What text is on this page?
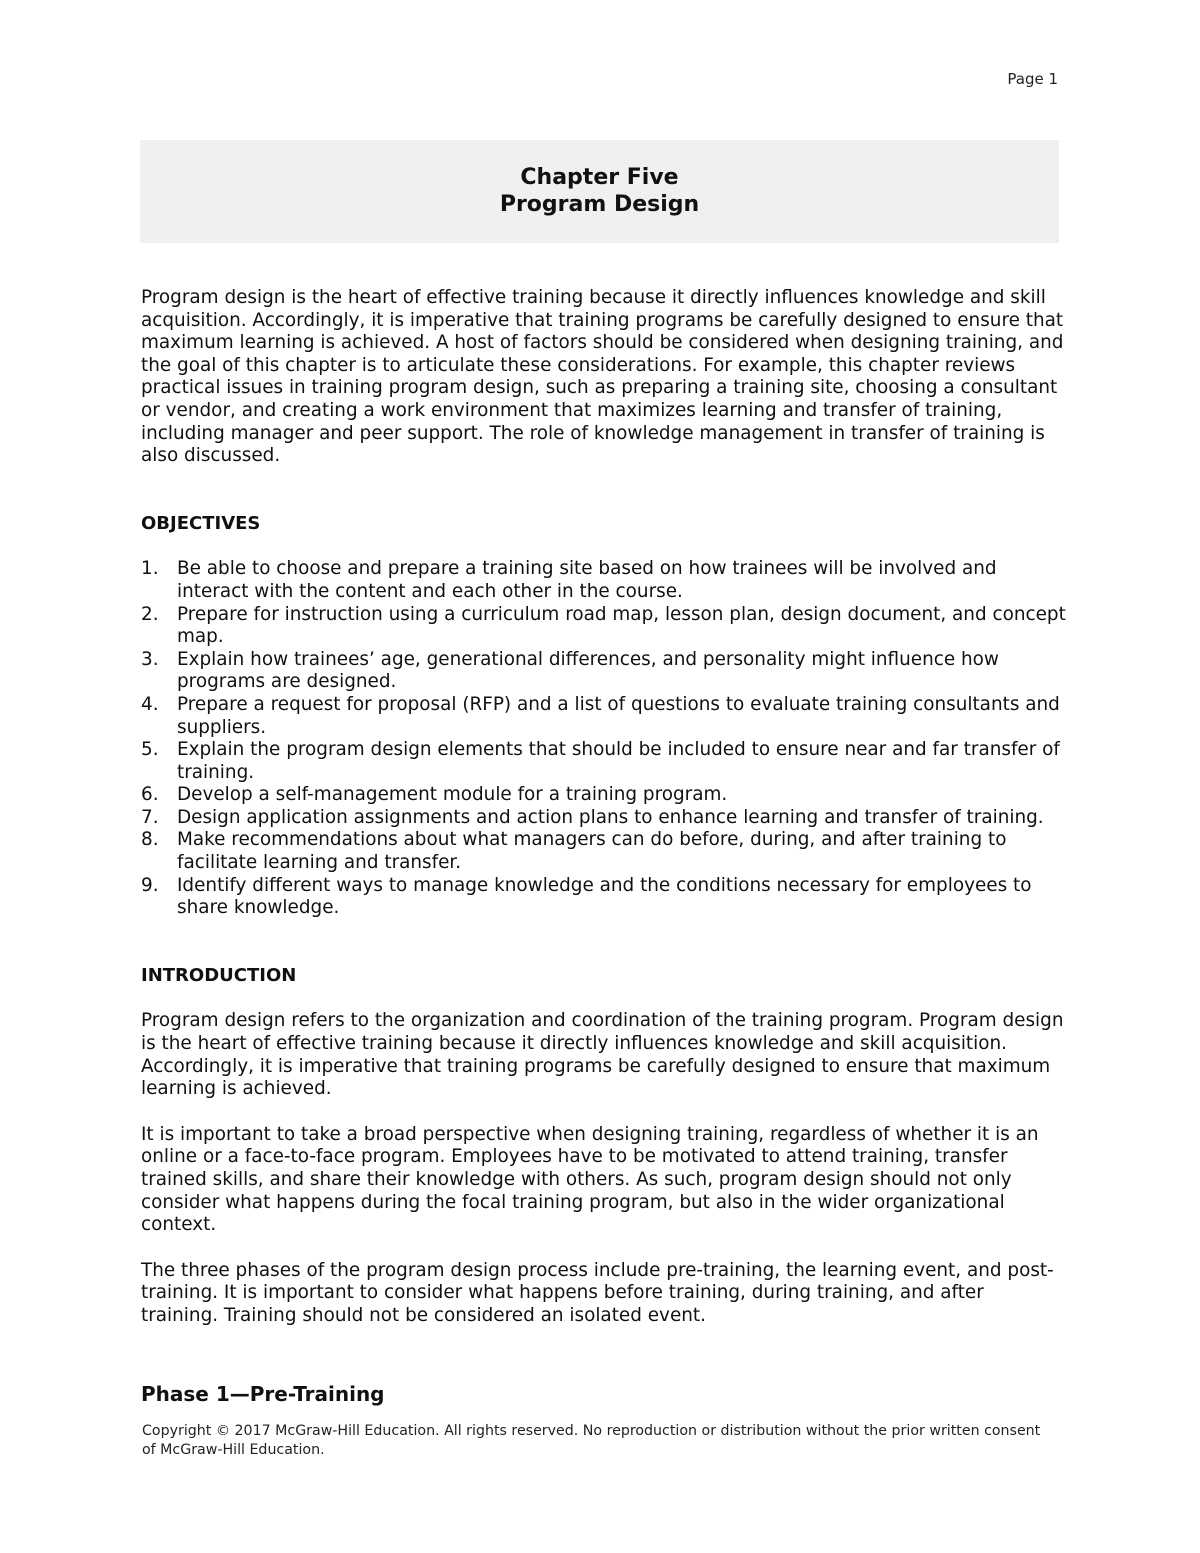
Page 1
Chapter Five
Program Design

Program design is the heart of effective training because it directly influences knowledge and skill acquisition. Accordingly, it is imperative that training programs be carefully designed to ensure that maximum learning is achieved. A host of factors should be considered when designing training, and the goal of this chapter is to articulate these considerations. For example, this chapter reviews practical issues in training program design, such as preparing a training site, choosing a consultant or vendor, and creating a work environment that maximizes learning and transfer of training, including manager and peer support. The role of knowledge management in transfer of training is also discussed.

OBJECTIVES

1. Be able to choose and prepare a training site based on how trainees will be involved and interact with the content and each other in the course.
2. Prepare for instruction using a curriculum road map, lesson plan, design document, and concept map.
3. Explain how trainees’ age, generational differences, and personality might influence how programs are designed.
4. Prepare a request for proposal (RFP) and a list of questions to evaluate training consultants and suppliers.
5. Explain the program design elements that should be included to ensure near and far transfer of training.
6. Develop a self-management module for a training program.
7. Design application assignments and action plans to enhance learning and transfer of training.
8. Make recommendations about what managers can do before, during, and after training to facilitate learning and transfer.
9. Identify different ways to manage knowledge and the conditions necessary for employees to share knowledge.

INTRODUCTION

Program design refers to the organization and coordination of the training program. Program design is the heart of effective training because it directly influences knowledge and skill acquisition. Accordingly, it is imperative that training programs be carefully designed to ensure that maximum learning is achieved.

It is important to take a broad perspective when designing training, regardless of whether it is an online or a face-to-face program. Employees have to be motivated to attend training, transfer trained skills, and share their knowledge with others. As such, program design should not only consider what happens during the focal training program, but also in the wider organizational context.

The three phases of the program design process include pre-training, the learning event, and post-training. It is important to consider what happens before training, during training, and after training. Training should not be considered an isolated event.

Phase 1—Pre-Training
Copyright © 2017 McGraw-Hill Education. All rights reserved. No reproduction or distribution without the prior written consent of McGraw-Hill Education.
